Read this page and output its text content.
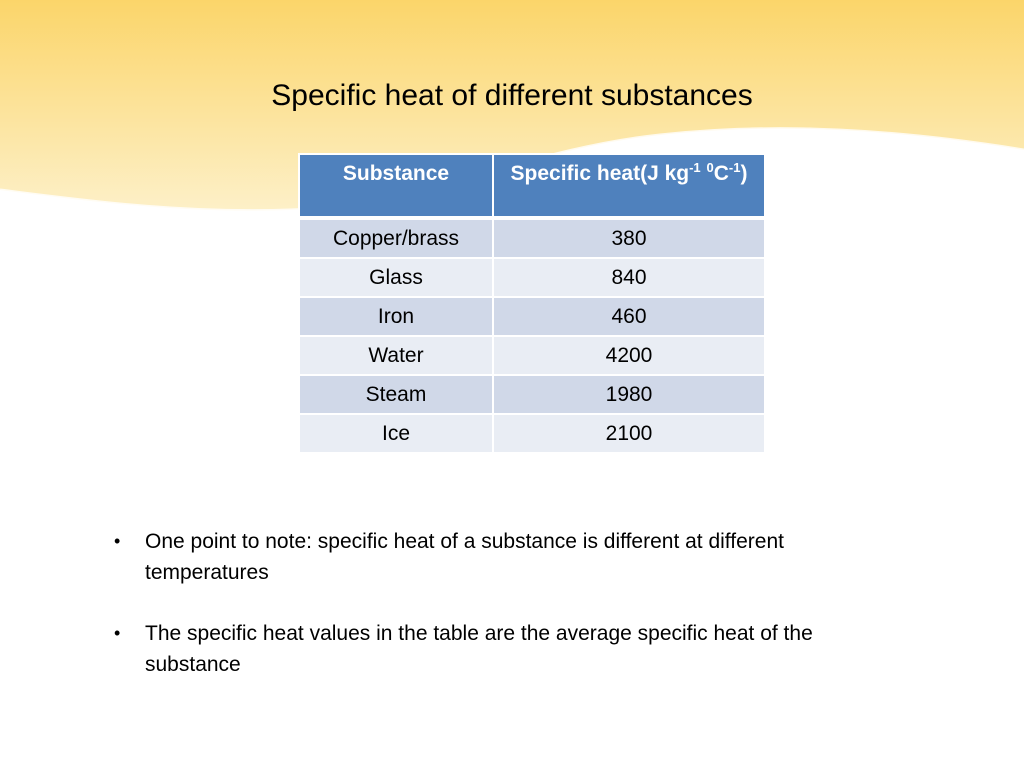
Specific heat of different substances
Substance	Specific heat(J $kg^{-1}$ $^0C^{-1}$)
Copper/brass	380
Glass	840
Iron	460
Water	4200
Steam	1980
Ice	2100
• One point to note: specific heat of a substance is different at different temperatures
• The specific heat values in the table are the average specific heat of the substance
